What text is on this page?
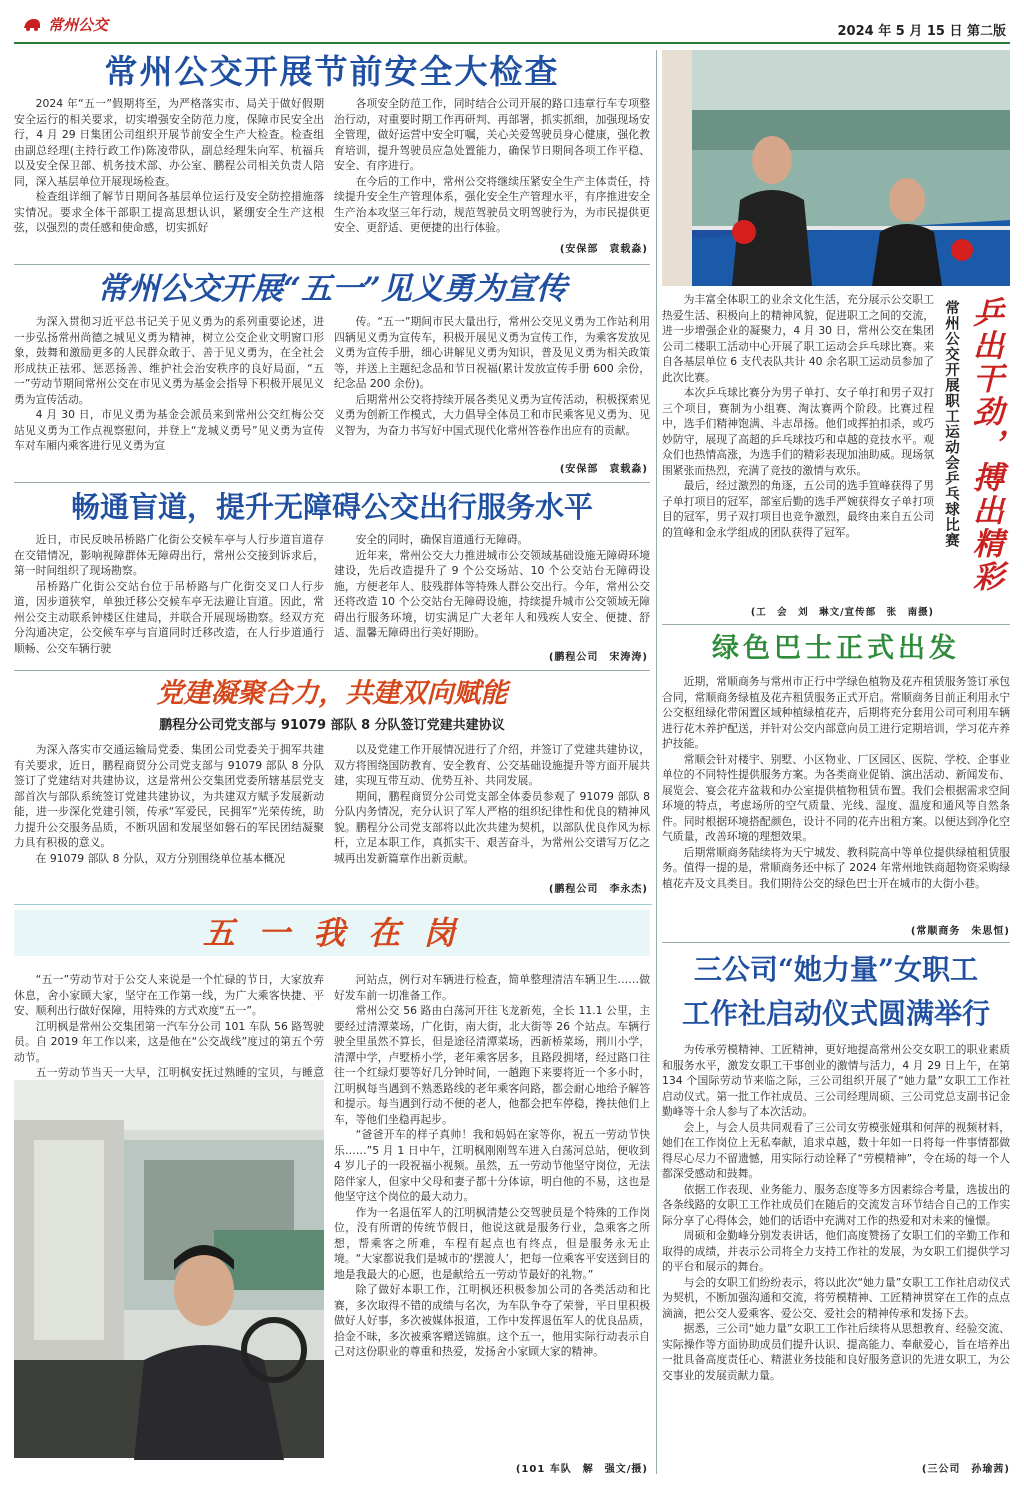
常州公交	2024 年 5 月 15 日 第二版
常州公交开展节前安全大检查

2024 年“五一”假期将至，为严格落实市、局关于做好假期安全运行的相关要求，切实增强安全防范力度，保障市民安全出行，4 月 29 日集团公司组织开展节前安全生产大检查。检查组由副总经理(主持行政工作)陈凌带队，副总经理朱向军、杭福兵以及安全保卫部、机务技术部、办公室、鹏程公司相关负责人陪同，深入基层单位开展现场检查。

检查组详细了解节日期间各基层单位运行及安全防控措施落实情况。要求全体干部职工提高思想认识，紧绷安全生产这根弦，以强烈的责任感和使命感，切实抓好

各项安全防范工作，同时结合公司开展的路口违章行车专项整治行动，对重要时期工作再研判、再部署，抓实抓细，加强现场安全管理，做好运营中安全叮嘱，关心关爱驾驶员身心健康，强化教育培训，提升驾驶员应急处置能力，确保节日期间各项工作平稳、安全、有序进行。

在今后的工作中，常州公交将继续压紧安全生产主体责任，持续提升安全生产管理体系，强化安全生产管理水平，有序推进安全生产治本攻坚三年行动，规范驾驶员文明驾驶行为，为市民提供更安全、更舒适、更便捷的出行体验。

(安保部　袁载淼)
常州公交开展“五一”见义勇为宣传

为深入贯彻习近平总书记关于见义勇为的系列重要论述，进一步弘扬常州尚德之城见义勇为精神，树立公交企业文明窗口形象，鼓舞和激励更多的人民群众敢于、善于见义勇为，在全社会形成扶正祛邪、惩恶扬善、维护社会治安秩序的良好局面，“五一”劳动节期间常州公交在市见义勇为基金会指导下积极开展见义勇为宣传活动。

4 月 30 日，市见义勇为基金会派员来到常州公交红梅公交站见义勇为工作点视察慰问，并登上“龙城义勇号”见义勇为宣传车对车厢内乘客进行见义勇为宣

传。“五一”期间市民大量出行，常州公交见义勇为工作站利用四辆见义勇为宣传车，积极开展见义勇为宣传工作，为乘客发放见义勇为宣传手册，细心讲解见义勇为知识，普及见义勇为相关政策等，并送上主题纪念品和节日祝福(累计发放宣传手册 600 余份，纪念品 200 余份)。

后期常州公交将持续开展各类见义勇为宣传活动，积极探索见义勇为创新工作模式，大力倡导全体员工和市民乘客见义勇为、见义智为，为奋力书写好中国式现代化常州答卷作出应有的贡献。

(安保部　袁载淼)
畅通盲道，提升无障碍公交出行服务水平

近日，市民反映吊桥路广化街公交候车亭与人行步道盲道存在交错情况，影响视障群体无障碍出行，常州公交接到诉求后，第一时间组织了现场勘察。

吊桥路广化街公交站台位于吊桥路与广化街交叉口人行步道，因步道狭窄，单独迁移公交候车亭无法避让盲道。因此，常州公交主动联系钟楼区住建局，并联合开展现场勘察。经双方充分沟通决定，公交候车亭与盲道同时迁移改造，在人行步道通行顺畅、公交车辆行驶

安全的同时，确保盲道通行无障碍。

近年来，常州公交大力推进城市公交领域基础设施无障碍环境建设，先后改造提升了 9 个公交场站、10 个公交站台无障碍设施，方便老年人、肢残群体等特殊人群公交出行。今年，常州公交还将改造 10 个公交站台无障碍设施，持续提升城市公交领域无障碍出行服务环境，切实满足广大老年人和残疾人安全、便捷、舒适、温馨无障碍出行美好期盼。

(鹏程公司　宋涛涛)
党建凝聚合力，共建双向赋能
鹏程分公司党支部与 91079 部队 8 分队签订党建共建协议

为深入落实市交通运输局党委、集团公司党委关于拥军共建有关要求，近日，鹏程商贸分公司党支部与 91079 部队 8 分队签订了党建结对共建协议，这是常州公交集团党委所辖基层党支部首次与部队系统签订党建共建协议，为共建双方赋予发展新动能，进一步深化党建引领，传承“军爱民，民拥军”光荣传统，助力提升公交服务品质，不断巩固和发展坚如磐石的军民团结凝聚力具有积极的意义。

在 91079 部队 8 分队，双方分别围绕单位基本概况

以及党建工作开展情况进行了介绍，并签订了党建共建协议，双方将围绕国防教育、安全教育、公交基础设施提升等方面开展共建，实现互带互动、优势互补、共同发展。

期间，鹏程商贸分公司党支部全体委员参观了 91079 部队 8 分队内务情况，充分认识了军人严格的组织纪律性和优良的精神风貌。鹏程分公司党支部将以此次共建为契机，以部队优良作风为标杆，立足本职工作，真抓实干、艰苦奋斗，为常州公交谱写万亿之城再出发新篇章作出新贡献。

(鹏程公司　李永杰)
五 一 我 在 岗

“五一”劳动节对于公交人来说是一个忙碌的节日，大家放弃休息，舍小家顾大家，坚守在工作第一线，为广大乘客快捷、平安、顺利出行做好保障，用特殊的方式欢度“五一”。

江明枫是常州公交集团第一汽车分公司 101 车队 56 路驾驶员。自 2019 年工作以来，这是他在“公交战线”度过的第五个劳动节。

五一劳动节当天一大早，江明枫安抚过熟睡的宝贝，与睡意

河站点，例行对车辆进行检查，简单整理清洁车辆卫生……做好发车前一切准备工作。

常州公交 56 路由白荡河开往飞龙新苑，全长 11.1 公里，主要经过清潭菜场，广化街，南大街，北大街等 26 个站点。车辆行驶全里虽然不算长，但是途径清潭菜场，西新桥菜场，荆川小学，清潭中学，卢墅桥小学，老年乘客居多，且路段拥堵，经过路口往往一个红绿灯要等好几分钟时间，一趟跑下来要将近一个多小时，江明枫每当遇到不熟悉路线的老年乘客问路，都会耐心地给予解答和提示。每当遇到行动不便的老人，他都会把车停稳，搀扶他们上车，等他们坐稳再起步。

“爸爸开车的样子真帅！我和妈妈在家等你，祝五一劳动节快乐……”5 月 1 日中午，江明枫刚刚驾车进入白荡河总站，便收到 4 岁儿子的一段祝福小视频。虽然，五一劳动节他坚守岗位，无法陪伴家人，但家中父母和妻子都十分体谅，明白他的不易，这也是他坚守这个岗位的最大动力。

作为一名退伍军人的江明枫清楚公交驾驶员是个特殊的工作岗位，没有所谓的传统节假日，他说这就是服务行业，急乘客之所想，帮乘客之所难，车程有起点也有终点，但是服务永无止境。“大家都说我们是城市的‘摆渡人’，把每一位乘客平安送到目的地是我最大的心愿，也是献给五一劳动节最好的礼物。”

除了做好本职工作，江明枫还积极参加公司的各类活动和比赛，多次取得不错的成绩与名次，为车队争夺了荣誉，平日里积极做好人好事，多次被媒体报道，工作中发挥退伍军人的优良品质，拾金不昧，多次被乘客赠送锦旗。这个五一，他用实际行动表示自己对这份职业的尊重和热爱，发扬舍小家顾大家的精神。

(101 车队　解　强文/摄)

为丰富全体职工的业余文化生活，充分展示公交职工热爱生活、积极向上的精神风貌，促进职工之间的交流，进一步增强企业的凝聚力，4 月 30 日，常州公交在集团公司二楼职工活动中心开展了职工运动会乒乓球比赛。来自各基层单位 6 支代表队共计 40 余名职工运动员参加了此次比赛。

本次乒乓球比赛分为男子单打、女子单打和男子双打三个项目，赛制为小组赛、淘汰赛两个阶段。比赛过程中，选手们精神饱满、斗志昂扬。他们或挥拍扣杀，或巧妙防守，展现了高超的乒乓球技巧和卓越的竞技水平。观众们也热情高涨，为选手们的精彩表现加油助威。现场氛围紧张而热烈，充满了竞技的激情与欢乐。

最后，经过激烈的角逐，五公司的选手笪峰获得了男子单打项目的冠军，部室后勤的选手严婉获得女子单打项目的冠军，男子双打项目也竞争激烈，最终由来自五公司的笪峰和金永学组成的团队获得了冠军。	常州公交开展职工运动会乒乓球比赛 乒出干劲，搏出精彩
(工　会　刘　琳文/宣传部　张　南摄)
绿色巴士正式出发

近期，常顺商务与常州市正行中学绿色植物及花卉租赁服务签订承包合同，常顺商务绿植及花卉租赁服务正式开启。常顺商务目前正利用永宁公交枢纽绿化带闲置区域种植绿植花卉，后期将充分套用公司可利用车辆进行花木养护配送，并针对公交内部意向员工进行定期培训，学习花卉养护技能。

常顺会针对楼宇、别墅、小区物业、厂区园区、医院、学校、企事业单位的不同特性提供服务方案。为各类商业促销、演出活动、新闻发布、展览会、宴会花卉盆栽和办公室提供植物租赁布置。我们会根据需求空间环境的特点，考虑场所的空气质量、光线、湿度、温度和通风等自然条件。同时根据环境搭配颜色，设计不同的花卉出租方案。以便达到净化空气质量，改善环境的理想效果。

后期常顺商务陆续将为天宁城发、教科院高中等单位提供绿植租赁服务。值得一提的是，常顺商务还中标了 2024 年常州地铁商超物资采购绿植花卉及文具类目。我们期待公交的绿色巴士开在城市的大街小巷。

(常顺商务　朱思恒)
三公司“她力量”女职工
工作社启动仪式圆满举行

为传承劳模精神、工匠精神，更好地提高常州公交女职工的职业素质和服务水平，激发女职工干事创业的激情与活力，4 月 29 日上午，在第 134 个国际劳动节来临之际，三公司组织开展了“她力量”女职工工作社启动仪式。第一批工作社成员、三公司经理周硕、三公司党总支副书记金勤峰等十余人参与了本次活动。

会上，与会人员共同观看了三公司女劳模张娅琪和何萍的视频材料，她们在工作岗位上无私奉献，追求卓越，数十年如一日将每一件事情都做得尽心尽力不留遗憾，用实际行动诠释了“劳模精神”，令在场的每一个人都深受感动和鼓舞。

依据工作表现、业务能力、服务态度等多方因素综合考量，选拔出的各条线路的女职工工作社成员们在随后的交流发言环节结合自己的工作实际分享了心得体会，她们的话语中充满对工作的热爱和对未来的憧憬。

周硕和金勤峰分别发表讲话，他们高度赞扬了女职工们的辛勤工作和取得的成绩，并表示公司将全力支持工作社的发展，为女职工们提供学习的平台和展示的舞台。

与会的女职工们纷纷表示，将以此次“她力量”女职工工作社启动仪式为契机，不断加强沟通和交流，将劳模精神、工匠精神贯穿在工作的点点滴滴，把公交人爱乘客、爱公交、爱社会的精神传承和发扬下去。

据悉，三公司“她力量”女职工工作社后续将从思想教育、经验交流、实际操作等方面协助成员们提升认识、提高能力、奉献爱心，旨在培养出一批具备高度责任心、精湛业务技能和良好服务意识的先进女职工，为公交事业的发展贡献力量。

(三公司　孙瑜茜)
